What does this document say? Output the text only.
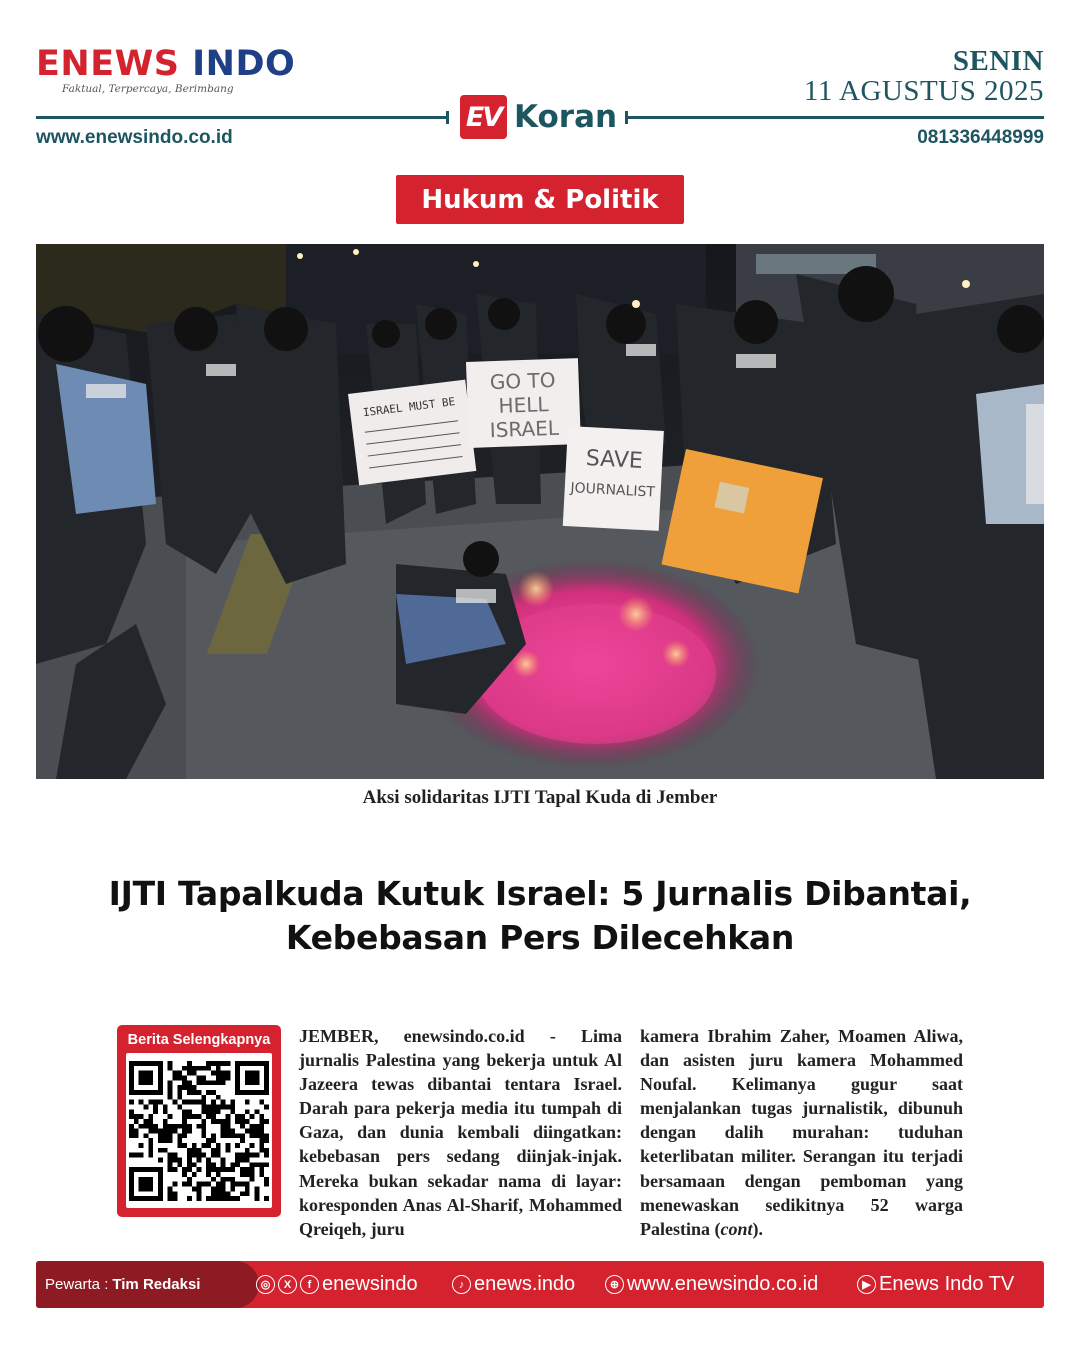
ENEWS INDO
Faktual, Terpercaya, Berimbang
SENIN
11 AGUSTUS 2025
EV Koran
www.enewsindo.co.id	081336448999
Hukum & Politik
ISRAEL MUST BE
GO TO
HELL
ISRAEL
SAVE
JOURNALIST
Aksi solidaritas IJTI Tapal Kuda di Jember
IJTI Tapalkuda Kutuk Israel: 5 Jurnalis Dibantai,
Kebebasan Pers Dilecehkan
Berita Selengkapnya	JEMBER, enewsindo.co.id - Lima jurnalis Palestina yang bekerja untuk Al Jazeera tewas dibantai tentara Israel. Darah para pekerja media itu tumpah di Gaza, dan dunia kembali diingatkan: kebebasan pers sedang diinjak-injak. Mereka bukan sekadar nama di layar: koresponden Anas Al-Sharif, Mohammed Qreiqeh, juru
kamera Ibrahim Zaher, Moamen Aliwa, dan asisten juru kamera Mohammed Noufal. Kelimanya gugur saat menjalankan tugas jurnalistik, dibunuh dengan dalih murahan: tuduhan keterlibatan militer. Serangan itu terjadi bersamaan dengan pemboman yang menewaskan sedikitnya 52 warga Palestina (cont).
Pewarta : Tim Redaksi	◎	X	f enewsindo	♪ enews.indo	⊕ www.enewsindo.co.id	▶ Enews Indo TV
